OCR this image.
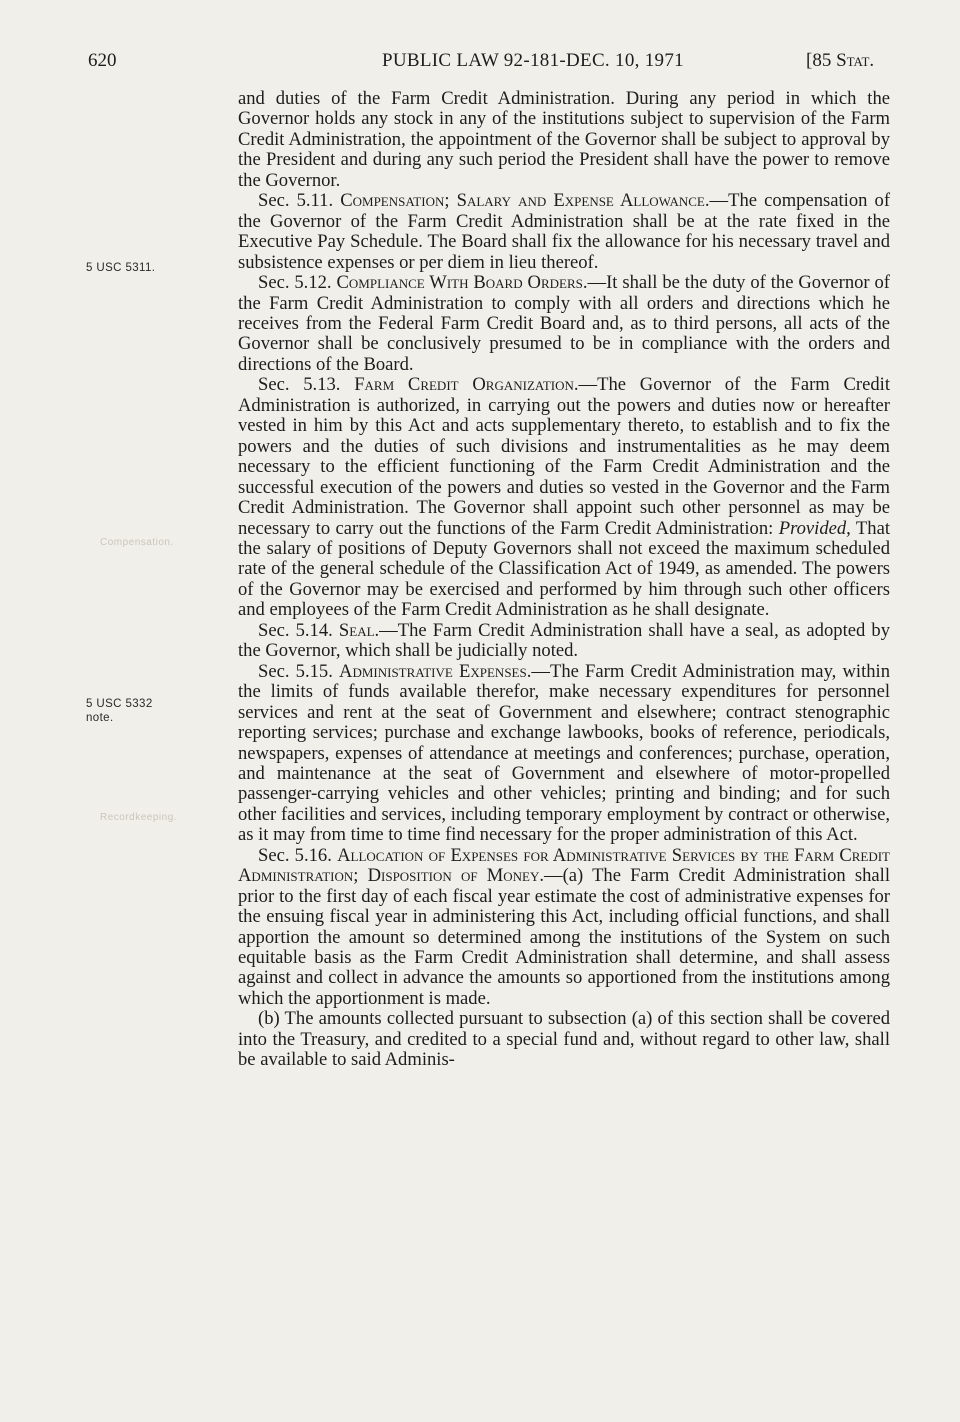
620	PUBLIC LAW 92-181-DEC. 10, 1971	[85 Stat.
5 USC 5311.
5 USC 5332
note.
Compensation.
Recordkeeping.

and duties of the Farm Credit Administration. During any period in which the Governor holds any stock in any of the institutions subject to supervision of the Farm Credit Administration, the appointment of the Governor shall be subject to approval by the President and during any such period the President shall have the power to remove the Governor.

Sec. 5.11. Compensation; Salary and Expense Allowance.—The compensation of the Governor of the Farm Credit Administration shall be at the rate fixed in the Executive Pay Schedule. The Board shall fix the allowance for his necessary travel and subsistence expenses or per diem in lieu thereof.

Sec. 5.12. Compliance With Board Orders.—It shall be the duty of the Governor of the Farm Credit Administration to comply with all orders and directions which he receives from the Federal Farm Credit Board and, as to third persons, all acts of the Governor shall be conclusively presumed to be in compliance with the orders and directions of the Board.

Sec. 5.13. Farm Credit Organization.—The Governor of the Farm Credit Administration is authorized, in carrying out the powers and duties now or hereafter vested in him by this Act and acts supplementary thereto, to establish and to fix the powers and the duties of such divisions and instrumentalities as he may deem necessary to the efficient functioning of the Farm Credit Administration and the successful execution of the powers and duties so vested in the Governor and the Farm Credit Administration. The Governor shall appoint such other personnel as may be necessary to carry out the functions of the Farm Credit Administration: Provided, That the salary of positions of Deputy Governors shall not exceed the maximum scheduled rate of the general schedule of the Classification Act of 1949, as amended. The powers of the Governor may be exercised and performed by him through such other officers and employees of the Farm Credit Administration as he shall designate.

Sec. 5.14. Seal.—The Farm Credit Administration shall have a seal, as adopted by the Governor, which shall be judicially noted.

Sec. 5.15. Administrative Expenses.—The Farm Credit Administration may, within the limits of funds available therefor, make necessary expenditures for personnel services and rent at the seat of Government and elsewhere; contract stenographic reporting services; purchase and exchange lawbooks, books of reference, periodicals, newspapers, expenses of attendance at meetings and conferences; purchase, operation, and maintenance at the seat of Government and elsewhere of motor-propelled passenger-carrying vehicles and other vehicles; printing and binding; and for such other facilities and services, including temporary employment by contract or otherwise, as it may from time to time find necessary for the proper administration of this Act.

Sec. 5.16. Allocation of Expenses for Administrative Services by the Farm Credit Administration; Disposition of Money.—(a) The Farm Credit Administration shall prior to the first day of each fiscal year estimate the cost of administrative expenses for the ensuing fiscal year in administering this Act, including official functions, and shall apportion the amount so determined among the institutions of the System on such equitable basis as the Farm Credit Administration shall determine, and shall assess against and collect in advance the amounts so apportioned from the institutions among which the apportionment is made.

(b) The amounts collected pursuant to subsection (a) of this section shall be covered into the Treasury, and credited to a special fund and, without regard to other law, shall be available to said Adminis-
